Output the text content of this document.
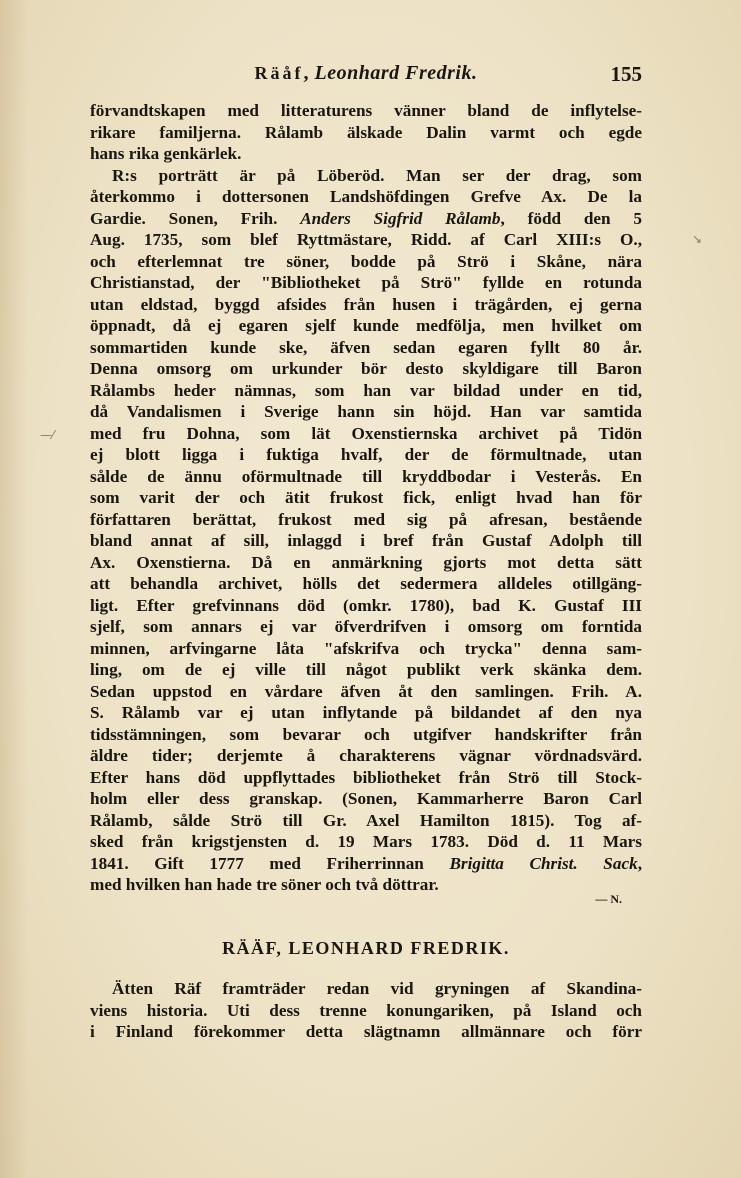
Räåf, Leonhard Fredrik.	155
förvandtskapen med litteraturens vänner bland de inflytelse-
rikare familjerna. Rålamb älskade Dalin varmt och egde
hans rika genkärlek.
R:s porträtt är på Löberöd. Man ser der drag, som
återkommo i dottersonen Landshöfdingen Grefve Ax. De la
Gardie. Sonen, Frih. Anders Sigfrid Rålamb, född den 5
Aug. 1735, som blef Ryttmästare, Ridd. af Carl XIII:s O.,
och efterlemnat tre söner, bodde på Strö i Skåne, nära
Christianstad, der "Bibliotheket på Strö" fyllde en rotunda
utan eldstad, byggd afsides från husen i trägården, ej gerna
öppnadt, då ej egaren sjelf kunde medfölja, men hvilket om
sommartiden kunde ske, äfven sedan egaren fyllt 80 år.
Denna omsorg om urkunder bör desto skyldigare till Baron
Rålambs heder nämnas, som han var bildad under en tid,
då Vandalismen i Sverige hann sin höjd. Han var samtida
med fru Dohna, som lät Oxenstiernska archivet på Tidön
ej blott ligga i fuktiga hvalf, der de förmultnade, utan
sålde de ännu oförmultnade till kryddbodar i Vesterås. En
som varit der och ätit frukost fick, enligt hvad han för
författaren berättat, frukost med sig på afresan, bestående
bland annat af sill, inlaggd i bref från Gustaf Adolph till
Ax. Oxenstierna. Då en anmärkning gjorts mot detta sätt
att behandla archivet, hölls det sedermera alldeles otillgäng-
ligt. Efter grefvinnans död (omkr. 1780), bad K. Gustaf III
sjelf, som annars ej var öfverdrifven i omsorg om forntida
minnen, arfvingarne låta "afskrifva och trycka" denna sam-
ling, om de ej ville till något publikt verk skänka dem.
Sedan uppstod en vårdare äfven åt den samlingen. Frih. A.
S. Rålamb var ej utan inflytande på bildandet af den nya
tidsstämningen, som bevarar och utgifver handskrifter från
äldre tider; derjemte å charakterens vägnar vördnadsvärd.
Efter hans död uppflyttades bibliotheket från Strö till Stock-
holm eller dess granskap. (Sonen, Kammarherre Baron Carl
Rålamb, sålde Strö till Gr. Axel Hamilton 1815). Tog af-
sked från krigstjensten d. 19 Mars 1783. Död d. 11 Mars
1841. Gift 1777 med Friherrinnan Brigitta Christ. Sack,
med hvilken han hade tre söner och två döttrar.
— N.
RÄÄF, LEONHARD FREDRIK.
Ätten Räf framträder redan vid gryningen af Skandina-
viens historia. Uti dess trenne konungariken, på Island och
i Finland förekommer detta slägtnamn allmännare och förr
↘
—⁄
